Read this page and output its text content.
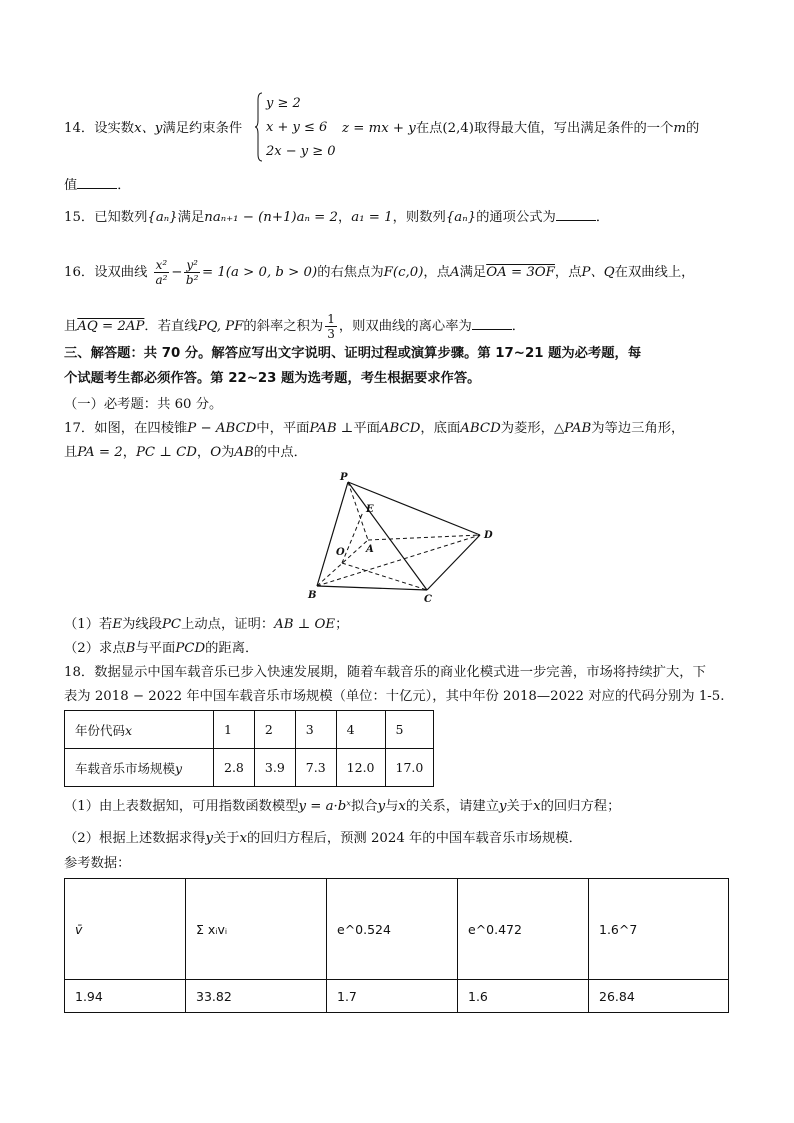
14．设实数x、y满足约束条件
y ≥ 2
x + y ≤ 6
2x − y ≥ 0
z = mx + y在点(2,4)取得最大值，写出满足条件的一个m的
值	．
15．已知数列{aₙ}满足naₙ₊₁ − (n+1)aₙ = 2，a₁ = 1，则数列{aₙ}的通项公式为	．
16．设双曲线 $\frac{\text{x²}}{\text{a²}} - \frac{\text{y²}}{\text{b²}} = 1(a > 0$, b > 0)的右焦点为F(c,0)，点A满足OA = 3OF，点P、Q在双曲线上，
且AQ = 2AP．若直线PQ, PF的斜率之积为 $\frac{1}{3}$ ，则双曲线的离心率为	．
三、解答题：共 70 分。解答应写出文字说明、证明过程或演算步骤。第 17~21 题为必考题，每
个试题考生都必须作答。第 22~23 题为选考题，考生根据要求作答。
（一）必考题：共 60 分。
17．如图，在四棱锥P − ABCD中，平面PAB ⊥平面ABCD，底面ABCD为菱形，△PAB为等边三角形，
且PA = 2，PC ⊥ CD，O为AB的中点．
P
E
D
O A
B	C
（1）若E为线段PC上动点，证明：AB ⊥ OE；
（2）求点B与平面PCD的距离．
18．数据显示中国车载音乐已步入快速发展期，随着车载音乐的商业化模式进一步完善，市场将持续扩大，下
表为 2018 − 2022 年中国车载音乐市场规模（单位：十亿元），其中年份 2018—2022 对应的代码分别为 1-5.
年份代码x	1	2	3	4	5
车载音乐市场规模y	2.8	3.9	7.3	12.0	17.0
（1）由上表数据知，可用指数函数模型y = a·bˣ拟合y与x的关系，请建立y关于x的回归方程；
（2）根据上述数据求得y关于x的回归方程后，预测 2024 年的中国车载音乐市场规模．
参考数据：
v̄	Σ xᵢvᵢ	e^0.524	e^0.472	1.6^7
1.94	33.82	1.7	1.6	26.84
